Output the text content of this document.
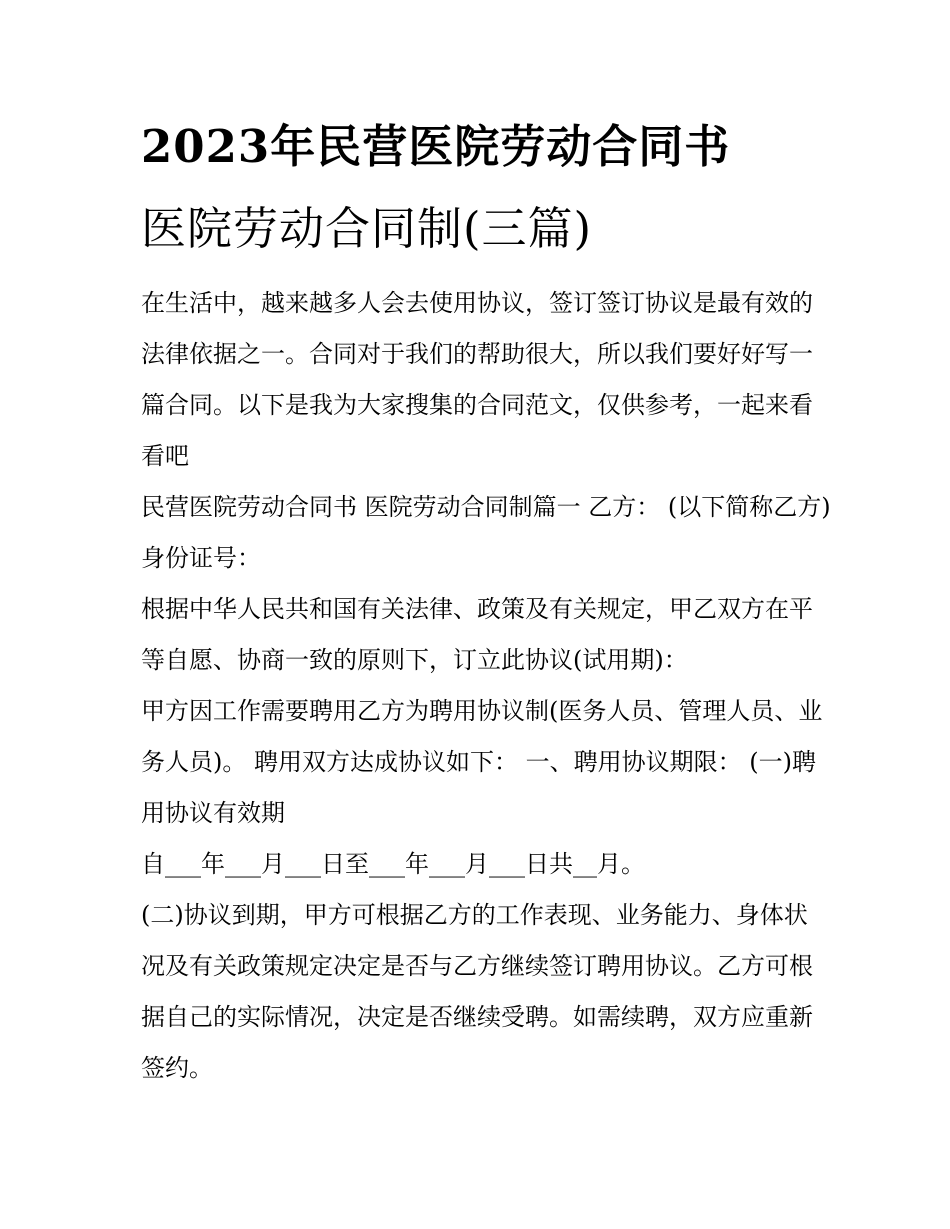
2023年民营医院劳动合同书
医院劳动合同制(三篇)

在生活中，越来越多人会去使用协议，签订签订协议是最有效的法律依据之一。合同对于我们的帮助很大，所以我们要好好写一篇合同。以下是我为大家搜集的合同范文，仅供参考，一起来看看吧

民营医院劳动合同书 医院劳动合同制篇一 乙方： (以下简称乙方) 身份证号：

根据中华人民共和国有关法律、政策及有关规定，甲乙双方在平等自愿、协商一致的原则下，订立此协议(试用期)：

甲方因工作需要聘用乙方为聘用协议制(医务人员、管理人员、业务人员)。 聘用双方达成协议如下： 一、聘用协议期限： (一)聘用协议有效期

自___年___月___日至___年___月___日共__月。

(二)协议到期，甲方可根据乙方的工作表现、业务能力、身体状况及有关政策规定决定是否与乙方继续签订聘用协议。乙方可根据自己的实际情况，决定是否继续受聘。如需续聘，双方应重新签约。
